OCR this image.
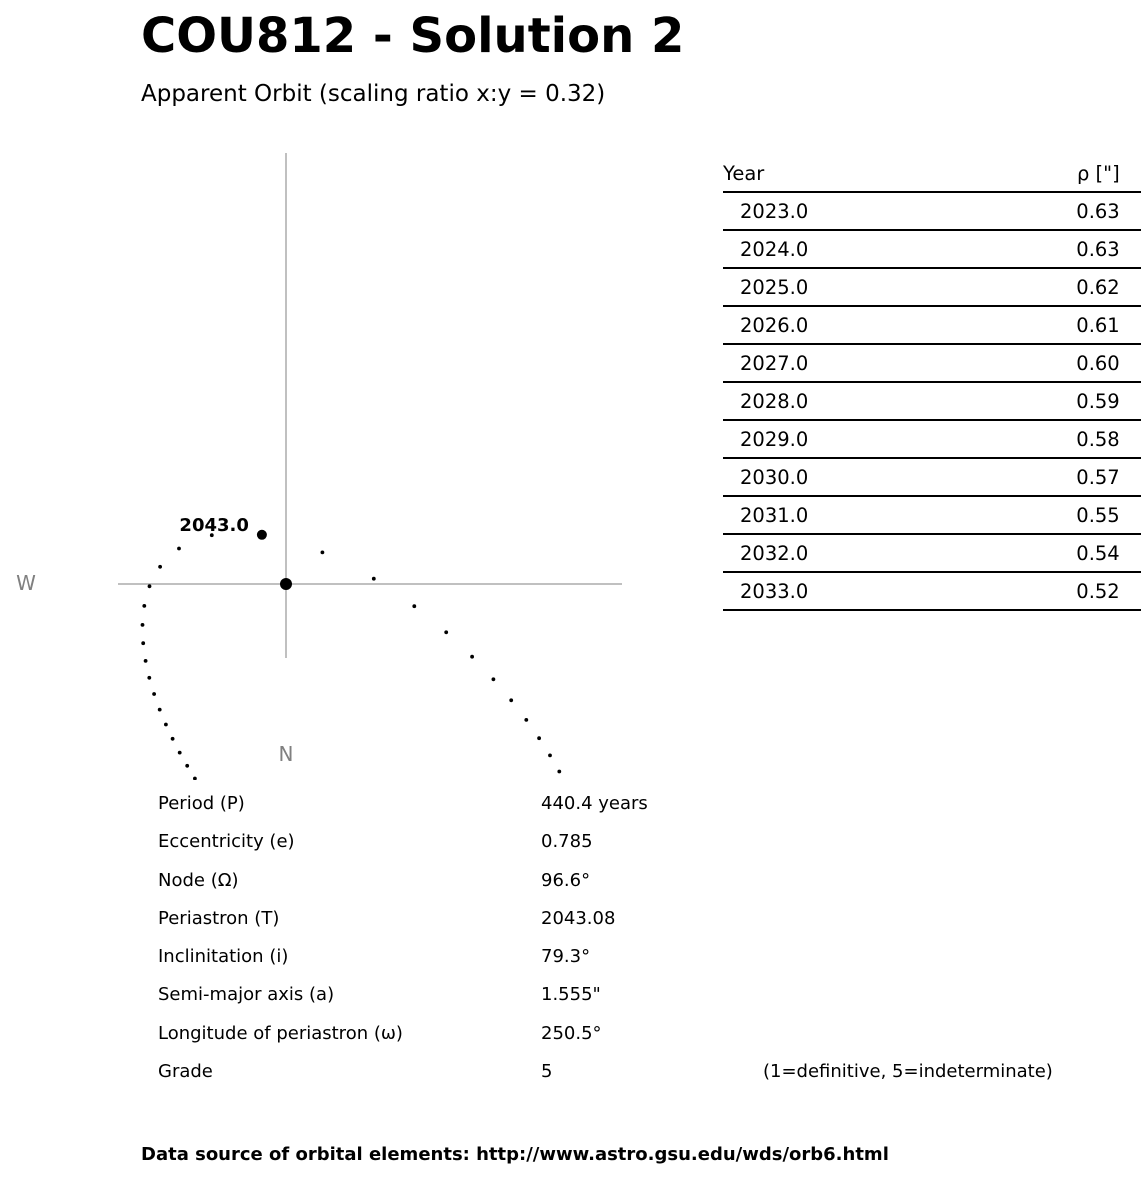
COU812 - Solution 2
Apparent Orbit (scaling ratio x:y = 0.32)
W
N
2043.0
Year	ρ ["]	
2023.0	0.63	
2024.0	0.63	
2025.0	0.62	
2026.0	0.61	
2027.0	0.60	
2028.0	0.59	
2029.0	0.58	
2030.0	0.57	
2031.0	0.55	
2032.0	0.54	
2033.0	0.52	
Period (P)	440.4 years
Eccentricity (e)	0.785
Node (Ω)	96.6°
Periastron (T)	2043.08
Inclinitation (i)	79.3°
Semi-major axis (a)	1.555"
Longitude of periastron (ω)	250.5°
Grade	5	(1=definitive, 5=indeterminate)
Data source of orbital elements: http://www.astro.gsu.edu/wds/orb6.html
